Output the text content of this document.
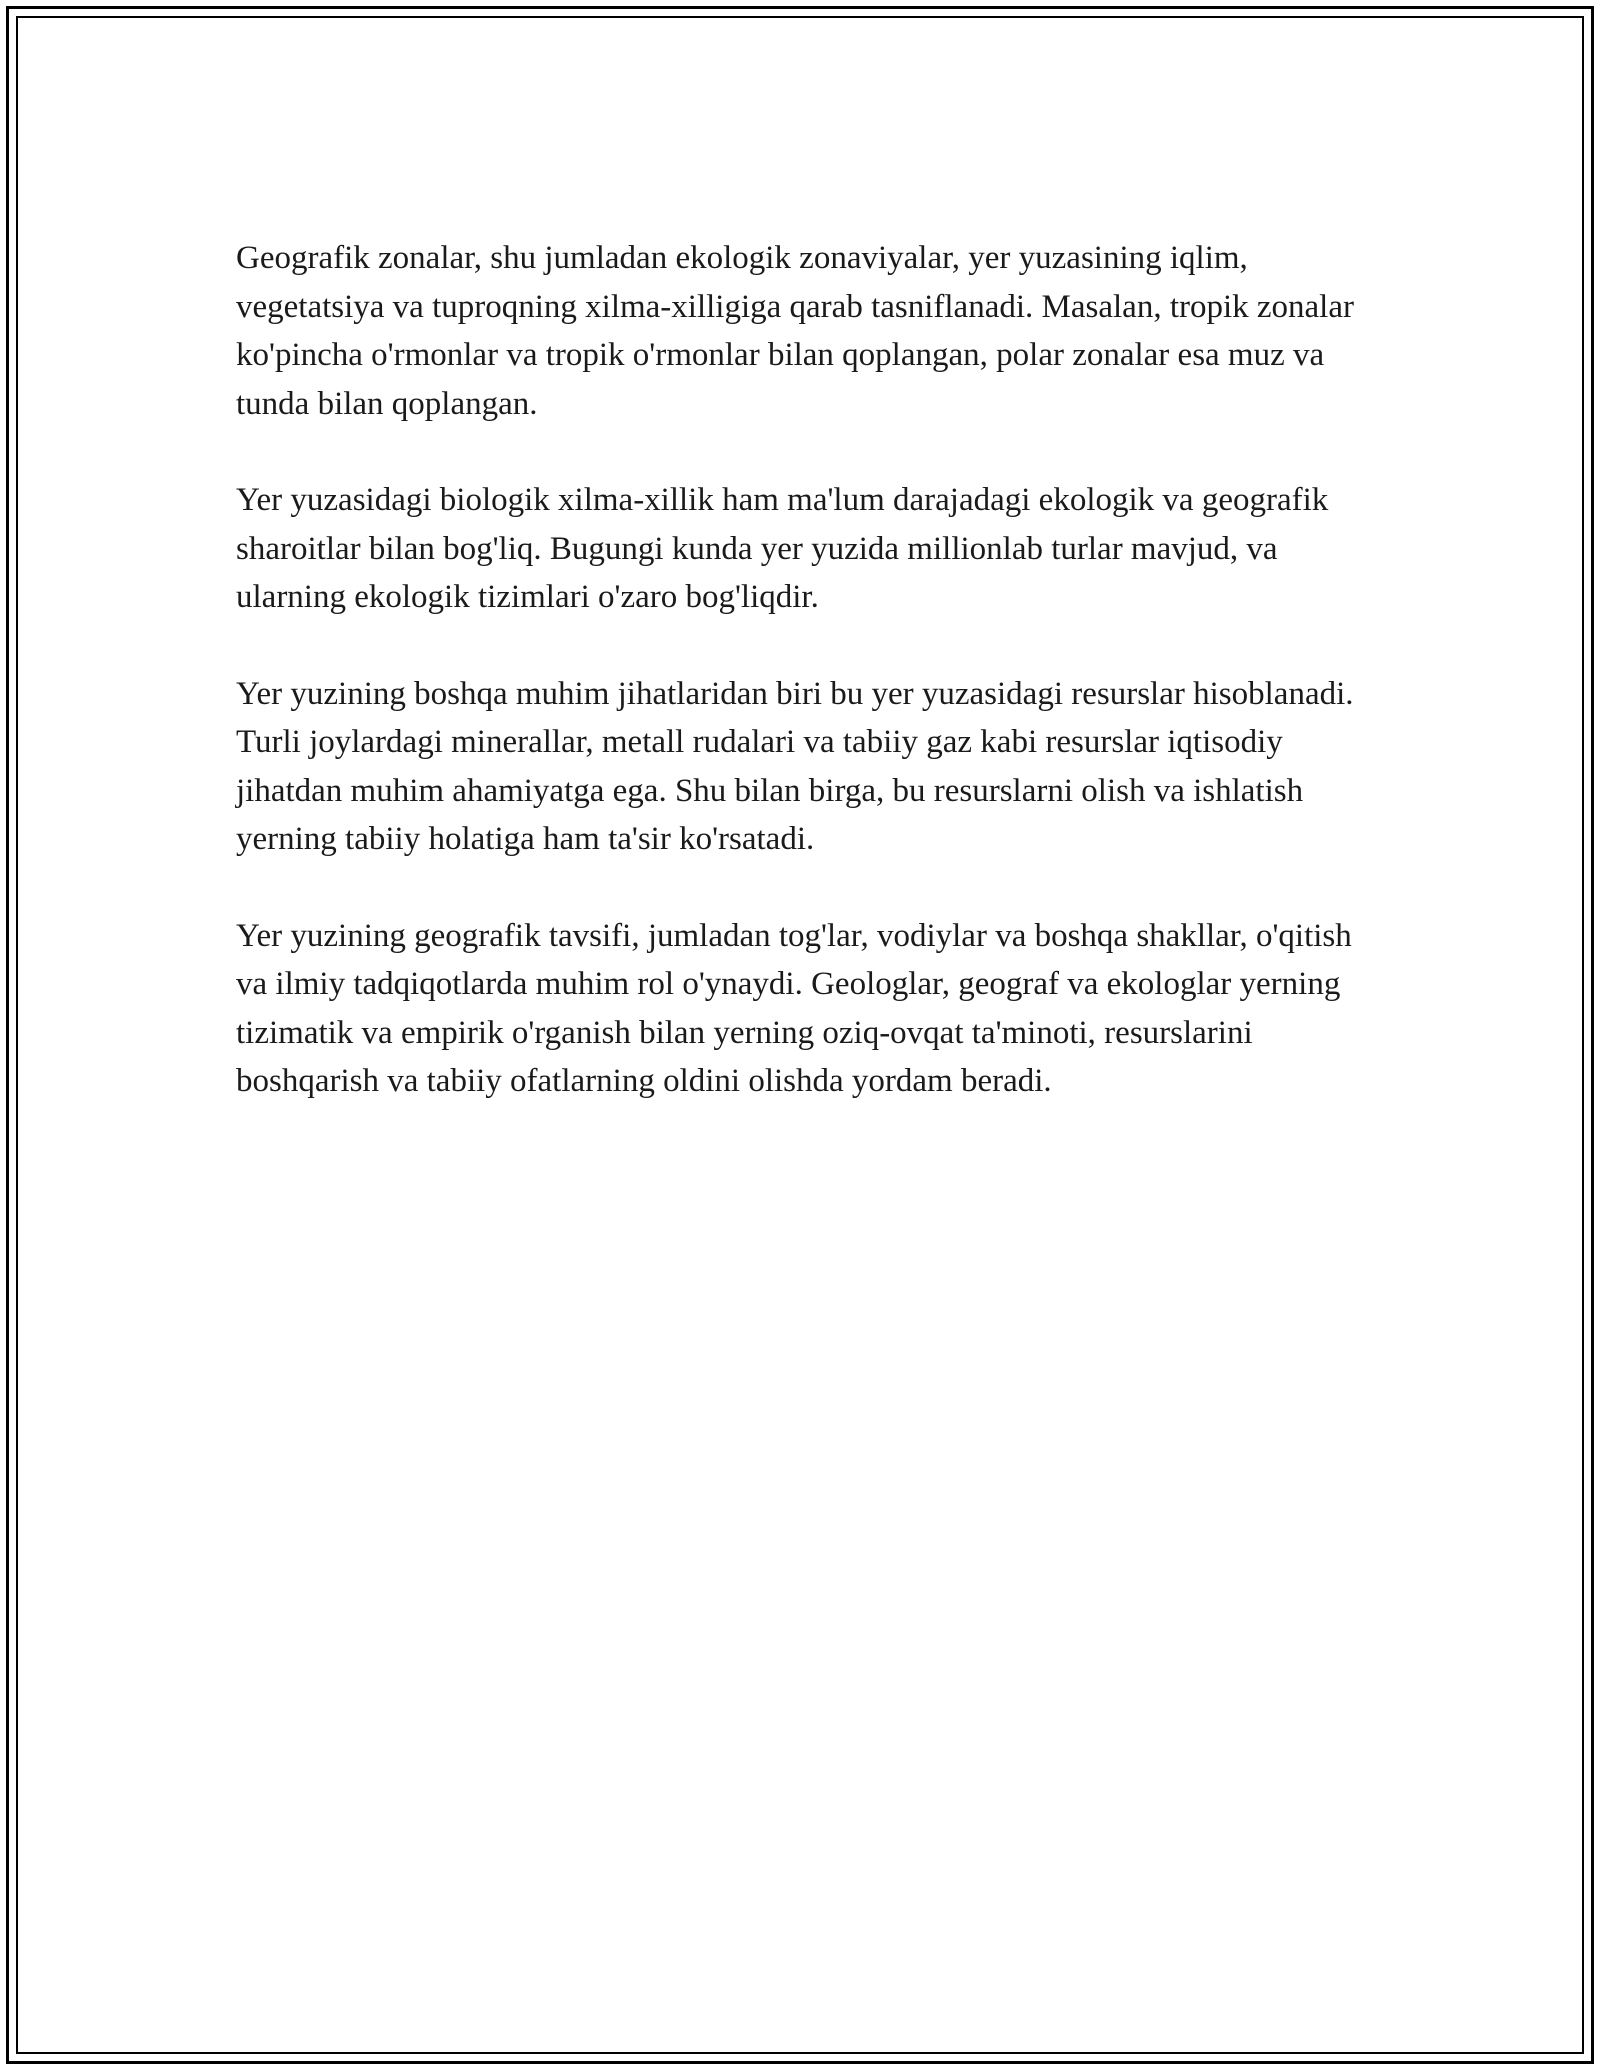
Geografik zonalar, shu jumladan ekologik zonaviyalar, yer yuzasining iqlim, vegetatsiya va tuproqning xilma-xilligiga qarab tasniflanadi. Masalan, tropik zonalar ko'pincha o'rmonlar va tropik o'rmonlar bilan qoplangan, polar zonalar esa muz va tunda bilan qoplangan.

Yer yuzasidagi biologik xilma-xillik ham ma'lum darajadagi ekologik va geografik sharoitlar bilan bog'liq. Bugungi kunda yer yuzida millionlab turlar mavjud, va ularning ekologik tizimlari o'zaro bog'liqdir.

Yer yuzining boshqa muhim jihatlaridan biri bu yer yuzasidagi resurslar hisoblanadi. Turli joylardagi minerallar, metall rudalari va tabiiy gaz kabi resurslar iqtisodiy jihatdan muhim ahamiyatga ega. Shu bilan birga, bu resurslarni olish va ishlatish yerning tabiiy holatiga ham ta'sir ko'rsatadi.

Yer yuzining geografik tavsifi, jumladan tog'lar, vodiylar va boshqa shakllar, o'qitish va ilmiy tadqiqotlarda muhim rol o'ynaydi. Geologlar, geograf va ekologlar yerning tizimatik va empirik o'rganish bilan yerning oziq-ovqat ta'minoti, resurslarini boshqarish va tabiiy ofatlarning oldini olishda yordam beradi.
